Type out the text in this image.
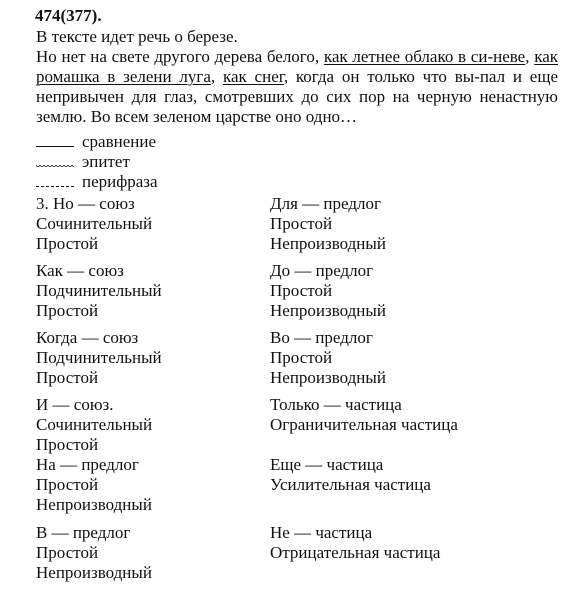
474(377).
В тексте идет речь о березе.
Но нет на свете другого дерева белого, как летнее облако в си-неве, как ромашка в зелени луга, как снег, когда он только что вы-пал и еще непривычен для глаз, смотревших до сих пор на черную ненастную землю. Во всем зеленом царстве оно одно…
сравнение
эпитет
перифраза
3. Но — союз
Сочинительный
Простой
Как — союз
Подчинительный
Простой
Когда — союз
Подчинительный
Простой
И — союз.
Сочинительный
Простой
На — предлог
Простой
Непроизводный
В — предлог
Простой
Непроизводный
Для — предлог
Простой
Непроизводный
До — предлог
Простой
Непроизводный
Во — предлог
Простой
Непроизводный
Только — частица
Ограничительная частица
Еще — частица
Усилительная частица
Не — частица
Отрицательная частица
